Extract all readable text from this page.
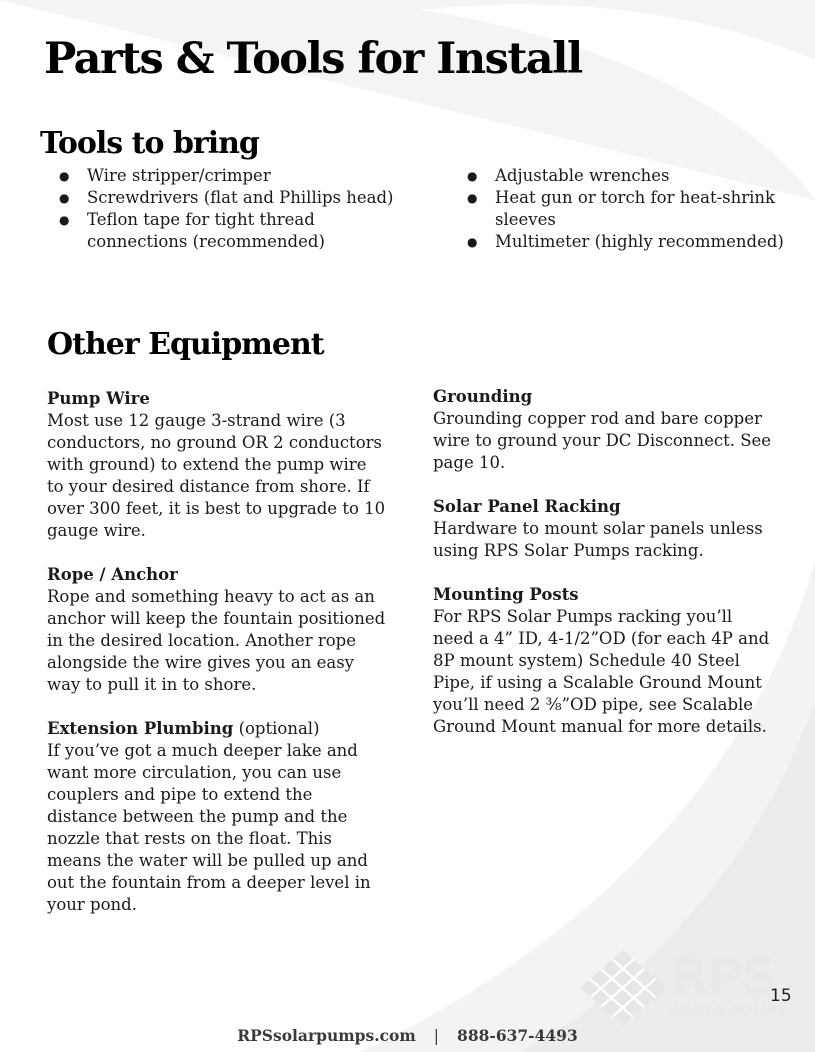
Parts & Tools for Install
Tools to bring
● Wire stripper/crimper
● Screwdrivers (flat and Phillips head)
● Teflon tape for tight thread connections (recommended)
● Adjustable wrenches
● Heat gun or torch for heat-shrink sleeves
● Multimeter (highly recommended)
Other Equipment
Pump Wire

Most use 12 gauge 3-strand wire (3 conductors, no ground OR 2 conductors with ground) to extend the pump wire to your desired distance from shore. If over 300 feet, it is best to upgrade to 10 gauge wire.

Rope / Anchor

Rope and something heavy to act as an anchor will keep the fountain positioned in the desired location. Another rope alongside the wire gives you an easy way to pull it in to shore.

Extension Plumbing (optional)

If you’ve got a much deeper lake and want more circulation, you can use couplers and pipe to extend the distance between the pump and the nozzle that rests on the float. This means the water will be pulled up and out the fountain from a deeper level in your pond.

Grounding

Grounding copper rod and bare copper wire to ground your DC Disconnect. See page 10.

Solar Panel Racking

Hardware to mount solar panels unless using RPS Solar Pumps racking.

Mounting Posts

For RPS Solar Pumps racking you’ll need a 4” ID, 4-1/2”OD (for each 4P and 8P mount system) Schedule 40 Steel Pipe, if using a Scalable Ground Mount you’ll need 2 ⅜”OD pipe, see Scalable Ground Mount manual for more details.

RPS
WATER PUMPS
15
RPSsolarpumps.com | 888-637-4493
